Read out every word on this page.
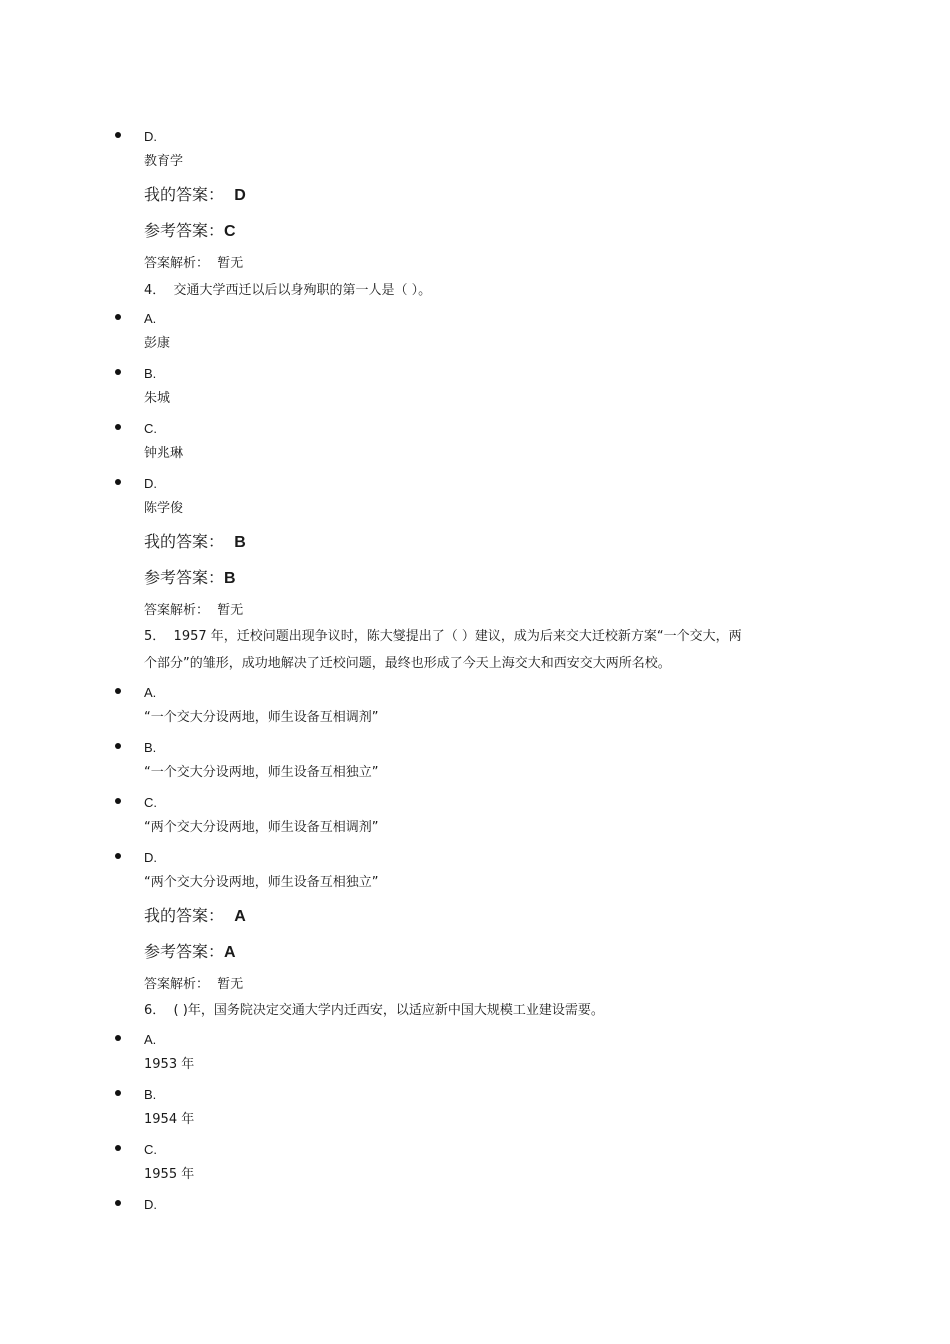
D.
教育学
我的答案： D
参考答案：C
答案解析： 暂无
4． 交通大学西迁以后以身殉职的第一人是（ ）。
A.
彭康
B.
朱城
C.
钟兆琳
D.
陈学俊
我的答案： B
参考答案：B
答案解析： 暂无
5． 1957 年，迁校问题出现争议时，陈大燮提出了（ ）建议，成为后来交大迁校新方案“一个交大，两
个部分”的雏形，成功地解决了迁校问题，最终也形成了今天上海交大和西安交大两所名校。
A.
“一个交大分设两地，师生设备互相调剂”
B.
“一个交大分设两地，师生设备互相独立”
C.
“两个交大分设两地，师生设备互相调剂”
D.
“两个交大分设两地，师生设备互相独立”
我的答案： A
参考答案：A
答案解析： 暂无
6． ( )年，国务院决定交通大学内迁西安，以适应新中国大规模工业建设需要。
A.
1953 年
B.
1954 年
C.
1955 年
D.
